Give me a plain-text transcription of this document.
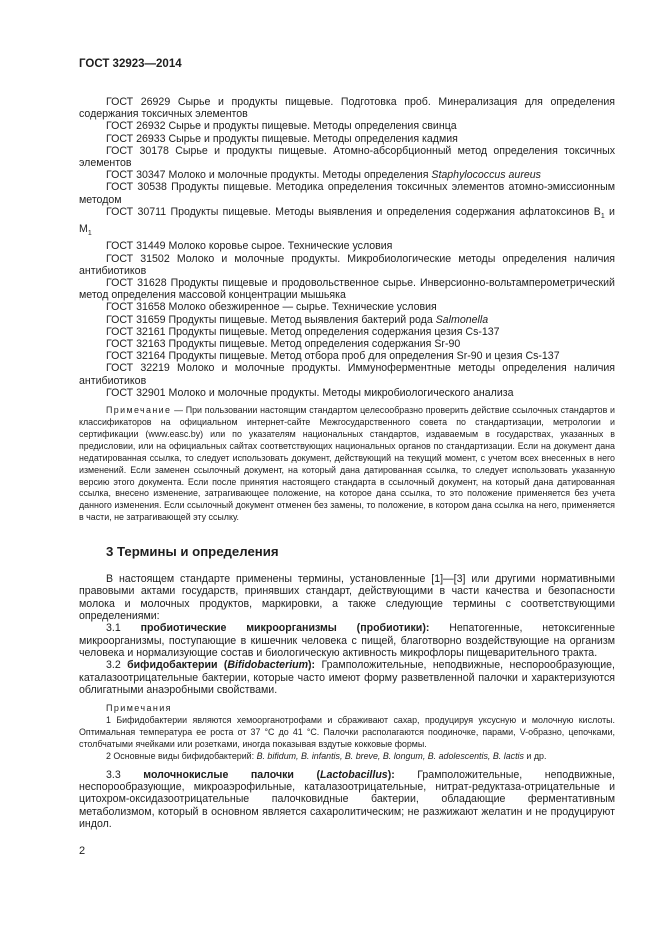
ГОСТ 32923—2014

ГОСТ 26929 Сырье и продукты пищевые. Подготовка проб. Минерализация для определения содержания токсичных элементов

ГОСТ 26932 Сырье и продукты пищевые. Методы определения свинца

ГОСТ 26933 Сырье и продукты пищевые. Методы определения кадмия

ГОСТ 30178 Сырье и продукты пищевые. Атомно-абсорбционный метод определения токсичных элементов

ГОСТ 30347 Молоко и молочные продукты. Методы определения Staphylococcus aureus

ГОСТ 30538 Продукты пищевые. Методика определения токсичных элементов атомно-эмиссионным методом

ГОСТ 30711 Продукты пищевые. Методы выявления и определения содержания афлатоксинов $В_1$ и $М_1$

ГОСТ 31449 Молоко коровье сырое. Технические условия

ГОСТ 31502 Молоко и молочные продукты. Микробиологические методы определения наличия антибиотиков

ГОСТ 31628 Продукты пищевые и продовольственное сырье. Инверсионно-вольтамперометрический метод определения массовой концентрации мышьяка

ГОСТ 31658 Молоко обезжиренное — сырье. Технические условия

ГОСТ 31659 Продукты пищевые. Метод выявления бактерий рода Salmonella

ГОСТ 32161 Продукты пищевые. Метод определения содержания цезия Cs-137

ГОСТ 32163 Продукты пищевые. Метод определения содержания Sr-90

ГОСТ 32164 Продукты пищевые. Метод отбора проб для определения Sr-90 и цезия Cs-137

ГОСТ 32219 Молоко и молочные продукты. Иммуноферментные методы определения наличия антибиотиков

ГОСТ 32901 Молоко и молочные продукты. Методы микробиологического анализа

Примечание — При пользовании настоящим стандартом целесообразно проверить действие ссылочных стандартов и классификаторов на официальном интернет-сайте Межгосударственного совета по стандартизации, метрологии и сертификации (www.easc.by) или по указателям национальных стандартов, издаваемым в государствах, указанных в предисловии, или на официальных сайтах соответствующих национальных органов по стандартизации. Если на документ дана недатированная ссылка, то следует использовать документ, действующий на текущий момент, с учетом всех внесенных в него изменений. Если заменен ссылочный документ, на который дана датированная ссылка, то следует использовать указанную версию этого документа. Если после принятия настоящего стандарта в ссылочный документ, на который дана датированная ссылка, внесено изменение, затрагивающее положение, на которое дана ссылка, то это положение применяется без учета данного изменения. Если ссылочный документ отменен без замены, то положение, в котором дана ссылка на него, применяется в части, не затрагивающей эту ссылку.

3 Термины и определения

В настоящем стандарте применены термины, установленные [1]—[3] или другими нормативными правовыми актами государств, принявших стандарт, действующими в части качества и безопасности молока и молочных продуктов, маркировки, а также следующие термины с соответствующими определениями:

3.1 пробиотические микроорганизмы (пробиотики): Непатогенные, нетоксигенные микроорганизмы, поступающие в кишечник человека с пищей, благотворно воздействующие на организм человека и нормализующие состав и биологическую активность микрофлоры пищеварительного тракта.

3.2 бифидобактерии (Bifidobacterium): Грамположительные, неподвижные, неспорообразующие, каталазоотрицательные бактерии, которые часто имеют форму разветвленной палочки и характеризуются облигатными анаэробными свойствами.

Примечания

1 Бифидобактерии являются хемоорганотрофами и сбраживают сахар, продуцируя уксусную и молочную кислоты. Оптимальная температура ее роста от 37 °С до 41 °С. Палочки располагаются поодиночке, парами, V-образно, цепочками, столбчатыми ячейками или розетками, иногда показывая вздутые кокковые формы.

2 Основные виды бифидобактерий: B. bifidum, B. infantis, B. breve, B. longum, B. adolescentis, B. lactis и др.

3.3 молочнокислые палочки (Lactobacillus): Грамположительные, неподвижные, неспорообразующие, микроаэрофильные, каталазоотрицательные, нитрат-редуктаза-отрицательные и цитохром-оксидазоотрицательные палочковидные бактерии, обладающие ферментативным метаболизмом, который в основном является сахаролитическим; не разжижают желатин и не продуцируют индол.

2
